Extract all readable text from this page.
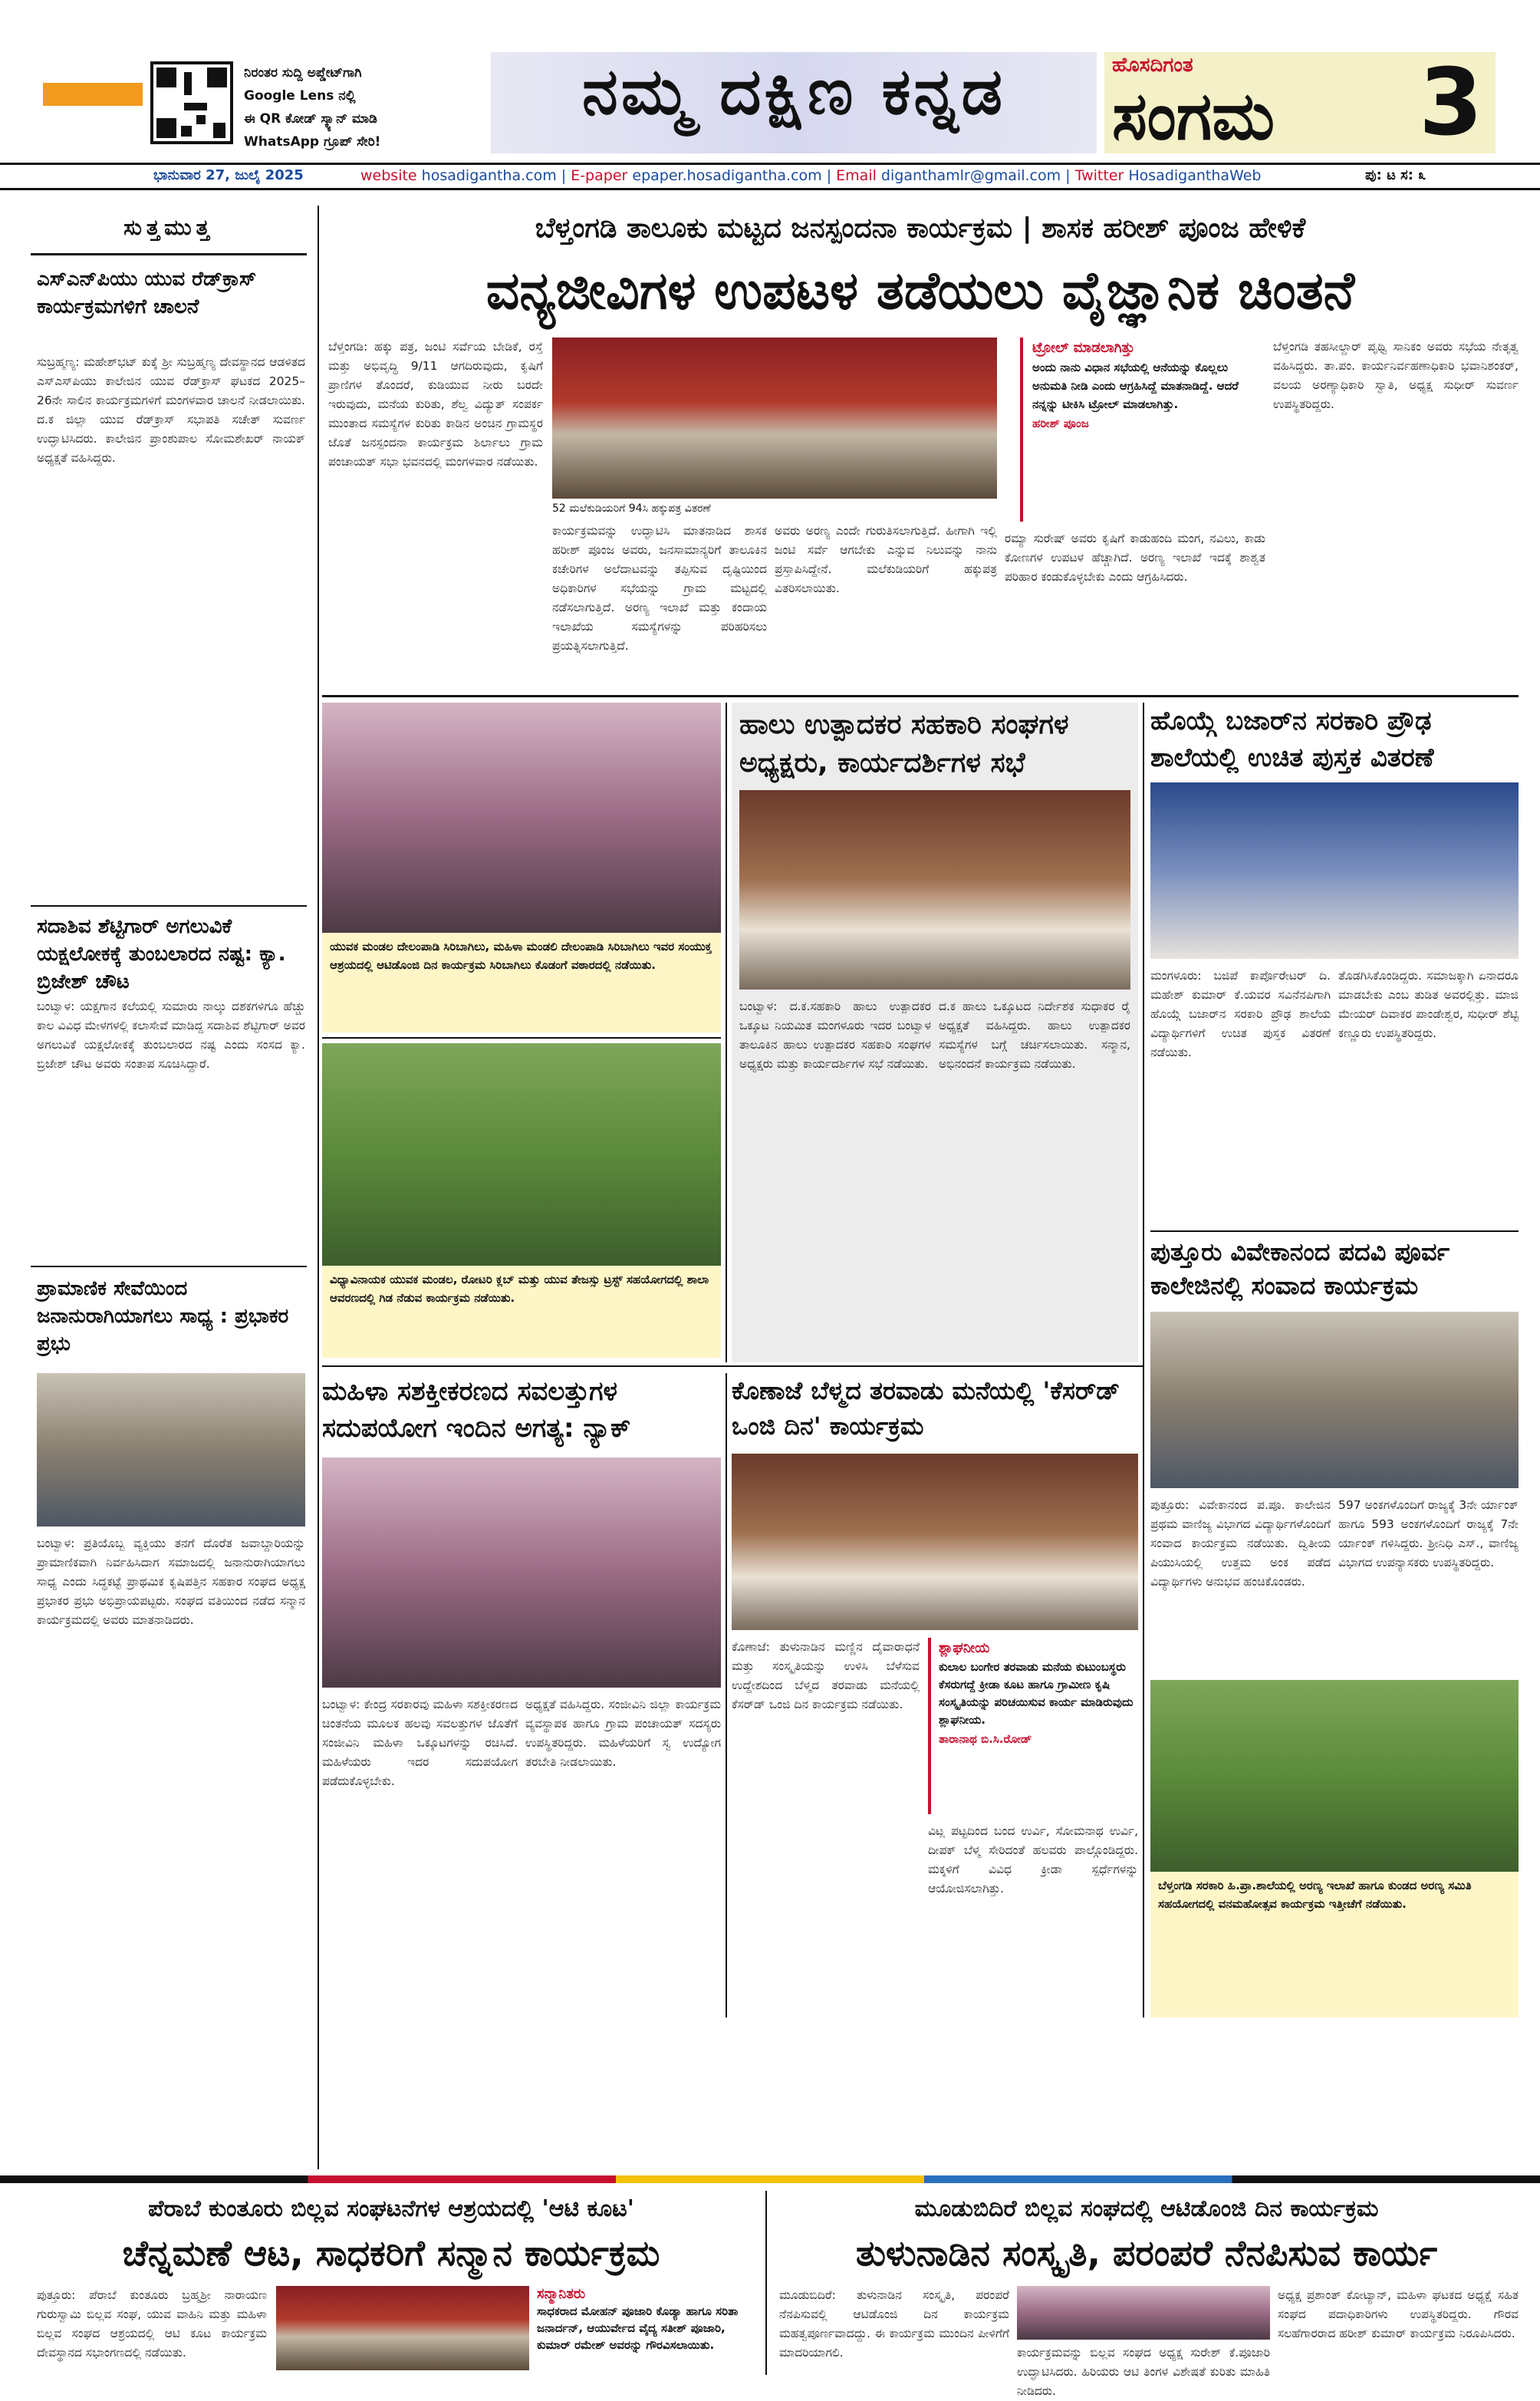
ನಿರಂತರ ಸುದ್ದಿ ಅಪ್ಡೇಟ್‌ಗಾಗಿ
Google Lens ನಲ್ಲಿ
ಈ QR ಕೋಡ್ ಸ್ಕ್ಯಾನ್ ಮಾಡಿ
WhatsApp ಗ್ರೂಪ್ ಸೇರಿ!
ನಮ್ಮ ದಕ್ಷಿಣ ಕನ್ನಡ	ಹೊಸದಿಗಂತ
ಸಂಗಮ 3
ಭಾನುವಾರ 27, ಜುಲೈ 2025	website hosadigantha.com | E-paper epaper.hosadigantha.com | Email diganthamlr@gmail.com | Twitter HosadiganthaWeb	ಪು: ಟ ಸ: ೩
ಸುತ್ತಮುತ್ತ
ಎಸ್‌ಎನ್‌ಪಿಯು ಯುವ ರೆಡ್‌ಕ್ರಾಸ್ ಕಾರ್ಯಕ್ರಮಗಳಿಗೆ ಚಾಲನೆ
ಸುಬ್ರಹ್ಮಣ್ಯ: ಮಹೇಶ್‌ಭಟ್ ಕುಕ್ಕೆ ಶ್ರೀ ಸುಬ್ರಹ್ಮಣ್ಯ ದೇವಸ್ಥಾನದ ಆಡಳಿತದ ಎಸ್‌ಎಸ್‌ಪಿಯು ಕಾಲೇಜಿನ ಯುವ ರೆಡ್‌ಕ್ರಾಸ್ ಘಟಕದ 2025–26ನೇ ಸಾಲಿನ ಕಾರ್ಯಕ್ರಮಗಳಿಗೆ ಮಂಗಳವಾರ ಚಾಲನೆ ನೀಡಲಾಯಿತು. ದ.ಕ ಜಿಲ್ಲಾ ಯುವ ರೆಡ್‌ಕ್ರಾಸ್ ಸಭಾಪತಿ ಸಚೇತ್ ಸುವರ್ಣ ಉದ್ಘಾಟಿಸಿದರು. ಕಾಲೇಜಿನ ಪ್ರಾಂಶುಪಾಲ ಸೋಮಶೇಖರ್ ನಾಯಕ್ ಅಧ್ಯಕ್ಷತೆ ವಹಿಸಿದ್ದರು.
ಸದಾಶಿವ ಶೆಟ್ಟಿಗಾರ್ ಅಗಲುವಿಕೆ ಯಕ್ಷಲೋಕಕ್ಕೆ ತುಂಬಲಾರದ ನಷ್ಟ: ಕ್ಯಾ. ಬ್ರಿಜೇಶ್ ಚೌಟ
ಬಂಟ್ವಾಳ: ಯಕ್ಷಗಾನ ಕಲೆಯಲ್ಲಿ ಸುಮಾರು ನಾಲ್ಕು ದಶಕಗಳಿಗೂ ಹೆಚ್ಚು ಕಾಲ ವಿವಿಧ ಮೇಳಗಳಲ್ಲಿ ಕಲಾಸೇವೆ ಮಾಡಿದ್ದ ಸದಾಶಿವ ಶೆಟ್ಟಿಗಾರ್ ಅವರ ಅಗಲುವಿಕೆ ಯಕ್ಷಲೋಕಕ್ಕೆ ತುಂಬಲಾರದ ನಷ್ಟ ಎಂದು ಸಂಸದ ಕ್ಯಾ. ಬ್ರಿಜೇಶ್ ಚೌಟ ಅವರು ಸಂತಾಪ ಸೂಚಿಸಿದ್ದಾರೆ.
ಪ್ರಾಮಾಣಿಕ ಸೇವೆಯಿಂದ ಜನಾನುರಾಗಿಯಾಗಲು ಸಾಧ್ಯ : ಪ್ರಭಾಕರ ಪ್ರಭು
ಬಂಟ್ವಾಳ: ಪ್ರತಿಯೊಬ್ಬ ವ್ಯಕ್ತಿಯು ತನಗೆ ದೊರೆತ ಜವಾಬ್ದಾರಿಯನ್ನು ಪ್ರಾಮಾಣಿಕವಾಗಿ ನಿರ್ವಹಿಸಿದಾಗ ಸಮಾಜದಲ್ಲಿ ಜನಾನುರಾಗಿಯಾಗಲು ಸಾಧ್ಯ ಎಂದು ಸಿದ್ಧಕಟ್ಟೆ ಪ್ರಾಥಮಿಕ ಕೃಷಿಪತ್ತಿನ ಸಹಕಾರ ಸಂಘದ ಅಧ್ಯಕ್ಷ ಪ್ರಭಾಕರ ಪ್ರಭು ಅಭಿಪ್ರಾಯಪಟ್ಟರು. ಸಂಘದ ವತಿಯಿಂದ ನಡೆದ ಸನ್ಮಾನ ಕಾರ್ಯಕ್ರಮದಲ್ಲಿ ಅವರು ಮಾತನಾಡಿದರು.
ಬೆಳ್ತಂಗಡಿ ತಾಲೂಕು ಮಟ್ಟದ ಜನಸ್ಪಂದನಾ ಕಾರ್ಯಕ್ರಮ | ಶಾಸಕ ಹರೀಶ್ ಪೂಂಜ ಹೇಳಿಕೆ
ವನ್ಯಜೀವಿಗಳ ಉಪಟಳ ತಡೆಯಲು ವೈಜ್ಞಾನಿಕ ಚಿಂತನೆ
ಬೆಳ್ತಂಗಡಿ: ಹಕ್ಕು ಪತ್ರ, ಜಂಟಿ ಸರ್ವೆಯ ಬೇಡಿಕೆ, ರಸ್ತೆ ಮತ್ತು ಅಭಿವೃದ್ಧಿ 9/11 ಆಗದಿರುವುದು, ಕೃಷಿಗೆ ಪ್ರಾಣಿಗಳ ತೊಂದರೆ, ಕುಡಿಯುವ ನೀರು ಬರದೇ ಇರುವುದು, ಮನೆಯ ಕುರಿತು, ಶೆಲ್ವ ವಿದ್ಯುತ್ ಸಂಪರ್ಕ ಮುಂತಾದ ಸಮಸ್ಯೆಗಳ ಕುರಿತು ಕಾಡಿನ ಅಂಚಿನ ಗ್ರಾಮಸ್ಥರ ಜೊತೆ ಜನಸ್ಪಂದನಾ ಕಾರ್ಯಕ್ರಮ ಶಿರ್ಲಾಲು ಗ್ರಾಮ ಪಂಚಾಯತ್ ಸಭಾ ಭವನದಲ್ಲಿ ಮಂಗಳವಾರ ನಡೆಯಿತು.
52 ಮಲೆಕುಡಿಯರಿಗೆ 94ಸಿ ಹಕ್ಕುಪತ್ರ ವಿತರಣೆ
ಕಾರ್ಯಕ್ರಮವನ್ನು ಉದ್ಘಾಟಿಸಿ ಮಾತನಾಡಿದ ಶಾಸಕ ಹರೀಶ್ ಪೂಂಜ ಅವರು, ಜನಸಾಮಾನ್ಯರಿಗೆ ತಾಲೂಕಿನ ಕಚೇರಿಗಳ ಅಲೆದಾಟವನ್ನು ತಪ್ಪಿಸುವ ದೃಷ್ಟಿಯಿಂದ ಅಧಿಕಾರಿಗಳ ಸಭೆಯನ್ನು ಗ್ರಾಮ ಮಟ್ಟದಲ್ಲಿ ನಡೆಸಲಾಗುತ್ತಿದೆ. ಅರಣ್ಯ ಇಲಾಖೆ ಮತ್ತು ಕಂದಾಯ ಇಲಾಖೆಯ ಸಮಸ್ಯೆಗಳನ್ನು ಪರಿಹರಿಸಲು ಪ್ರಯತ್ನಿಸಲಾಗುತ್ತಿದೆ.
ಅವರು ಅರಣ್ಯ ಎಂದೇ ಗುರುತಿಸಲಾಗುತ್ತಿದೆ. ಹೀಗಾಗಿ ಇಲ್ಲಿ ಜಂಟಿ ಸರ್ವೆ ಆಗಬೇಕು ಎನ್ನುವ ನಿಲುವನ್ನು ನಾನು ಪ್ರಸ್ತಾಪಿಸಿದ್ದೇನೆ. ಮಲೆಕುಡಿಯರಿಗೆ ಹಕ್ಕುಪತ್ರ ವಿತರಿಸಲಾಯಿತು.
ರಮ್ಯಾ ಸುರೇಷ್ ಅವರು ಕೃಷಿಗೆ ಕಾಡುಹಂದಿ ಮಂಗ, ನವಿಲು, ಕಾಡು ಕೋಣಗಳ ಉಪಟಳ ಹೆಚ್ಚಾಗಿದೆ. ಅರಣ್ಯ ಇಲಾಖೆ ಇದಕ್ಕೆ ಶಾಶ್ವತ ಪರಿಹಾರ ಕಂಡುಕೊಳ್ಳಬೇಕು ಎಂದು ಆಗ್ರಹಿಸಿದರು.
ಟ್ರೋಲ್ ಮಾಡಲಾಗಿತ್ತು
ಅಂದು ನಾನು ವಿಧಾನ ಸಭೆಯಲ್ಲಿ ಆನೆಯನ್ನು ಕೊಲ್ಲಲು ಅನುಮತಿ ನೀಡಿ ಎಂದು ಆಗ್ರಹಿಸಿದ್ದೆ ಮಾತನಾಡಿದ್ದೆ. ಆದರೆ ನನ್ನನ್ನು ಟೀಕಿಸಿ ಟ್ರೋಲ್ ಮಾಡಲಾಗಿತ್ತು.
ಹರೀಶ್ ಪೂಂಜ
ಬೆಳ್ತಂಗಡಿ ತಹಸೀಲ್ದಾರ್ ಪೃಥ್ವಿ ಸಾನಿಕಂ ಅವರು ಸಭೆಯ ನೇತೃತ್ವ ವಹಿಸಿದ್ದರು. ತಾ.ಪಂ. ಕಾರ್ಯನಿರ್ವಹಣಾಧಿಕಾರಿ ಭವಾನಿಶಂಕರ್, ವಲಯ ಅರಣ್ಯಾಧಿಕಾರಿ ಸ್ವಾತಿ, ಅಧ್ಯಕ್ಷ ಸುಧೀರ್ ಸುವರ್ಣ ಉಪಸ್ಥಿತರಿದ್ದರು.
ಯುವಕ ಮಂಡಲ ದೇಲಂಪಾಡಿ ಸಿರಿಬಾಗಿಲು, ಮಹಿಳಾ ಮಂಡಲಿ ದೇಲಂಪಾಡಿ ಸಿರಿಬಾಗಿಲು ಇವರ ಸಂಯುಕ್ತ ಆಶ್ರಯದಲ್ಲಿ ಆಟಿಡೊಂಜಿ ದಿನ ಕಾರ್ಯಕ್ರಮ ಸಿರಿಬಾಗಿಲು ಕೊಡಂಗೆ ವಠಾರದಲ್ಲಿ ನಡೆಯಿತು.
ವಿಧ್ಯಾವಿನಾಯಕ ಯುವಕ ಮಂಡಲ, ರೋಟರಿ ಕ್ಲಬ್ ಮತ್ತು ಯುವ ತೇಜಸ್ಸು ಟ್ರಸ್ಟ್ ಸಹಯೋಗದಲ್ಲಿ ಶಾಲಾ ಆವರಣದಲ್ಲಿ ಗಿಡ ನೆಡುವ ಕಾರ್ಯಕ್ರಮ ನಡೆಯಿತು.
ಹಾಲು ಉತ್ಪಾದಕರ ಸಹಕಾರಿ ಸಂಘಗಳ ಅಧ್ಯಕ್ಷರು, ಕಾರ್ಯದರ್ಶಿಗಳ ಸಭೆ
ಬಂಟ್ವಾಳ: ದ.ಕ.ಸಹಕಾರಿ ಹಾಲು ಉತ್ಪಾದಕರ ಒಕ್ಕೂಟ ನಿಯಮಿತ ಮಂಗಳೂರು ಇದರ ಬಂಟ್ವಾಳ ತಾಲೂಕಿನ ಹಾಲು ಉತ್ಪಾದಕರ ಸಹಕಾರಿ ಸಂಘಗಳ ಅಧ್ಯಕ್ಷರು ಮತ್ತು ಕಾರ್ಯದರ್ಶಿಗಳ ಸಭೆ ನಡೆಯಿತು.
ದ.ಕ ಹಾಲು ಒಕ್ಕೂಟದ ನಿರ್ದೇಶಕ ಸುಧಾಕರ ರೈ ಅಧ್ಯಕ್ಷತೆ ವಹಿಸಿದ್ದರು. ಹಾಲು ಉತ್ಪಾದಕರ ಸಮಸ್ಯೆಗಳ ಬಗ್ಗೆ ಚರ್ಚಿಸಲಾಯಿತು. ಸನ್ಮಾನ, ಅಭಿನಂದನೆ ಕಾರ್ಯಕ್ರಮ ನಡೆಯಿತು.
ಹೊಯ್ಗೆ ಬಜಾರ್‌ನ ಸರಕಾರಿ ಪ್ರೌಢ ಶಾಲೆಯಲ್ಲಿ ಉಚಿತ ಪುಸ್ತಕ ವಿತರಣೆ
ಮಂಗಳೂರು: ಬಜಿಪೆ ಕಾರ್ಪೊರೇಟರ್ ದಿ. ಮಹೇಶ್ ಕುಮಾರ್ ಕೆ.ಯವರ ಸವಿನೆನಪಿಗಾಗಿ ಹೊಯ್ಗೆ ಬಜಾರ್‌ನ ಸರಕಾರಿ ಪ್ರೌಢ ಶಾಲೆಯ ವಿದ್ಯಾರ್ಥಿಗಳಿಗೆ ಉಚಿತ ಪುಸ್ತಕ ವಿತರಣೆ ನಡೆಯಿತು.
ತೊಡಗಿಸಿಕೊಂಡಿದ್ದರು. ಸಮಾಜಕ್ಕಾಗಿ ಏನಾದರೂ ಮಾಡಬೇಕು ಎಂಬ ತುಡಿತ ಅವರಲ್ಲಿತ್ತು. ಮಾಜಿ ಮೇಯರ್ ದಿವಾಕರ ಪಾಂಡೇಶ್ವರ, ಸುಧೀರ್ ಶೆಟ್ಟಿ ಕಣ್ಣೂರು ಉಪಸ್ಥಿತರಿದ್ದರು.
ಪುತ್ತೂರು ವಿವೇಕಾನಂದ ಪದವಿ ಪೂರ್ವ ಕಾಲೇಜಿನಲ್ಲಿ ಸಂವಾದ ಕಾರ್ಯಕ್ರಮ
ಪುತ್ತೂರು: ವಿವೇಕಾನಂದ ಪ.ಪೂ. ಕಾಲೇಜಿನ ಪ್ರಥಮ ವಾಣಿಜ್ಯ ವಿಭಾಗದ ವಿದ್ಯಾರ್ಥಿಗಳೊಂದಿಗೆ ಸಂವಾದ ಕಾರ್ಯಕ್ರಮ ನಡೆಯಿತು. ದ್ವಿತೀಯ ಪಿಯುಸಿಯಲ್ಲಿ ಉತ್ತಮ ಅಂಕ ಪಡೆದ ವಿದ್ಯಾರ್ಥಿಗಳು ಅನುಭವ ಹಂಚಿಕೊಂಡರು.
597 ಅಂಕಗಳೊಂದಿಗೆ ರಾಜ್ಯಕ್ಕೆ 3ನೇ ರ್ಯಾಂಕ್ ಹಾಗೂ 593 ಅಂಕಗಳೊಂದಿಗೆ ರಾಜ್ಯಕ್ಕೆ 7ನೇ ರ್ಯಾಂಕ್ ಗಳಿಸಿದ್ದರು. ಶ್ರೀನಿಧಿ ಎಸ್., ವಾಣಿಜ್ಯ ವಿಭಾಗದ ಉಪನ್ಯಾಸಕರು ಉಪಸ್ಥಿತರಿದ್ದರು.
ಬೆಳ್ತಂಗಡಿ ಸರಕಾರಿ ಹಿ.ಪ್ರಾ.ಶಾಲೆಯಲ್ಲಿ ಅರಣ್ಯ ಇಲಾಖೆ ಹಾಗೂ ಕುಂಡದ ಅರಣ್ಯ ಸಮಿತಿ ಸಹಯೋಗದಲ್ಲಿ ವನಮಹೋತ್ಸವ ಕಾರ್ಯಕ್ರಮ ಇತ್ತೀಚೆಗೆ ನಡೆಯಿತು.
ಮಹಿಳಾ ಸಶಕ್ತೀಕರಣದ ಸವಲತ್ತುಗಳ ಸದುಪಯೋಗ ಇಂದಿನ ಅಗತ್ಯ: ನ್ಯಾಕ್
ಬಂಟ್ವಾಳ: ಕೇಂದ್ರ ಸರಕಾರವು ಮಹಿಳಾ ಸಶಕ್ತೀಕರಣದ ಚಿಂತನೆಯ ಮೂಲಕ ಹಲವು ಸವಲತ್ತುಗಳ ಜೊತೆಗೆ ಸಂಜೀವಿನಿ ಮಹಿಳಾ ಒಕ್ಕೂಟಗಳನ್ನು ರಚಿಸಿದೆ. ಮಹಿಳೆಯರು ಇದರ ಸದುಪಯೋಗ ಪಡೆದುಕೊಳ್ಳಬೇಕು.
ಅಧ್ಯಕ್ಷತೆ ವಹಿಸಿದ್ದರು. ಸಂಜೀವಿನಿ ಜಿಲ್ಲಾ ಕಾರ್ಯಕ್ರಮ ವ್ಯವಸ್ಥಾಪಕ ಹಾಗೂ ಗ್ರಾಮ ಪಂಚಾಯತ್ ಸದಸ್ಯರು ಉಪಸ್ಥಿತರಿದ್ದರು. ಮಹಿಳೆಯರಿಗೆ ಸ್ವ ಉದ್ಯೋಗ ತರಬೇತಿ ನೀಡಲಾಯಿತು.
ಕೊಣಾಜೆ ಬೆಳ್ಮದ ತರವಾಡು ಮನೆಯಲ್ಲಿ 'ಕೆಸರ್‌ಡ್ ಒಂಜಿ ದಿನ' ಕಾರ್ಯಕ್ರಮ
ಕೊಣಾಜೆ: ತುಳುನಾಡಿನ ಮಣ್ಣಿನ ದೈವಾರಾಧನೆ ಮತ್ತು ಸಂಸ್ಕೃತಿಯನ್ನು ಉಳಿಸಿ ಬೆಳೆಸುವ ಉದ್ದೇಶದಿಂದ ಬೆಳ್ಮದ ತರವಾಡು ಮನೆಯಲ್ಲಿ ಕೆಸರ್‌ಡ್ ಒಂಜಿ ದಿನ ಕಾರ್ಯಕ್ರಮ ನಡೆಯಿತು.
ಶ್ಲಾಘನೀಯ
ಕುಲಾಲ ಬಂಗೇರ ತರವಾಡು ಮನೆಯ ಕುಟುಂಬಸ್ಥರು ಕೆಸರುಗದ್ದೆ ಕ್ರೀಡಾ ಕೂಟ ಹಾಗೂ ಗ್ರಾಮೀಣ ಕೃಷಿ ಸಂಸ್ಕೃತಿಯನ್ನು ಪರಿಚಯಿಸುವ ಕಾರ್ಯ ಮಾಡಿರುವುದು ಶ್ಲಾಘನೀಯ.
ತಾರಾನಾಥ ಬಿ.ಸಿ.ರೋಡ್
ವಿಟ್ಲ ಪಟ್ಟದಿಂದ ಬಂದ ಉರ್ವಿ, ಸೋಮನಾಥ ಉರ್ವಿ, ದೀಪಕ್ ಬೆಳ್ಮ ಸೇರಿದಂತೆ ಹಲವರು ಪಾಲ್ಗೊಂಡಿದ್ದರು. ಮಕ್ಕಳಿಗೆ ವಿವಿಧ ಕ್ರೀಡಾ ಸ್ಪರ್ಧೆಗಳನ್ನು ಆಯೋಜಿಸಲಾಗಿತ್ತು.
ಪೆರಾಬೆ ಕುಂತೂರು ಬಿಲ್ಲವ ಸಂಘಟನೆಗಳ ಆಶ್ರಯದಲ್ಲಿ 'ಆಟಿ ಕೂಟ'
ಚೆನ್ನಮಣೆ ಆಟ, ಸಾಧಕರಿಗೆ ಸನ್ಮಾನ ಕಾರ್ಯಕ್ರಮ
ಪುತ್ತೂರು: ಪೆರಾಬೆ ಕುಂತೂರು ಬ್ರಹ್ಮಶ್ರೀ ನಾರಾಯಣ ಗುರುಸ್ವಾಮಿ ಬಿಲ್ಲವ ಸಂಘ, ಯುವ ವಾಹಿನಿ ಮತ್ತು ಮಹಿಳಾ ಬಿಲ್ಲವ ಸಂಘದ ಆಶ್ರಯದಲ್ಲಿ ಆಟಿ ಕೂಟ ಕಾರ್ಯಕ್ರಮ ದೇವಸ್ಥಾನದ ಸಭಾಂಗಣದಲ್ಲಿ ನಡೆಯಿತು.
ಸನ್ಮಾನಿತರು
ಸಾಧಕರಾದ ಮೋಹನ್ ಪೂಜಾರಿ ಕೊಡ್ಯಾ ಹಾಗೂ ಸರಿತಾ ಜನಾರ್ದನ್, ಆಯುರ್ವೇದ ವೈದ್ಯ ಸತೀಶ್ ಪೂಜಾರಿ, ಕುಮಾರ್ ರಮೇಶ್ ಅವರನ್ನು ಗೌರವಿಸಲಾಯಿತು.
ಮೂಡುಬಿದಿರೆ ಬಿಲ್ಲವ ಸಂಘದಲ್ಲಿ ಆಟಿಡೊಂಜಿ ದಿನ ಕಾರ್ಯಕ್ರಮ
ತುಳುನಾಡಿನ ಸಂಸ್ಕೃತಿ, ಪರಂಪರೆ ನೆನಪಿಸುವ ಕಾರ್ಯ
ಮೂಡುಬಿದಿರೆ: ತುಳುನಾಡಿನ ಸಂಸ್ಕೃತಿ, ಪರಂಪರೆ ನೆನಪಿಸುವಲ್ಲಿ ಆಟಿಡೊಂಜಿ ದಿನ ಕಾರ್ಯಕ್ರಮ ಮಹತ್ವಪೂರ್ಣವಾದದ್ದು. ಈ ಕಾರ್ಯಕ್ರಮ ಮುಂದಿನ ಪೀಳಿಗೆಗೆ ಮಾದರಿಯಾಗಲಿ.	ಕಾರ್ಯಕ್ರಮವನ್ನು ಬಿಲ್ಲವ ಸಂಘದ ಅಧ್ಯಕ್ಷ ಸುರೇಶ್ ಕೆ.ಪೂಜಾರಿ ಉದ್ಘಾಟಿಸಿದರು. ಹಿರಿಯರು ಆಟಿ ತಿಂಗಳ ವಿಶೇಷತೆ ಕುರಿತು ಮಾಹಿತಿ ನೀಡಿದರು.
ಅಧ್ಯಕ್ಷ ಪ್ರಶಾಂತ್ ಕೋಟ್ಯಾನ್, ಮಹಿಳಾ ಘಟಕದ ಅಧ್ಯಕ್ಷೆ ಸಹಿತ ಸಂಘದ ಪದಾಧಿಕಾರಿಗಳು ಉಪಸ್ಥಿತರಿದ್ದರು. ಗೌರವ ಸಲಹೆಗಾರರಾದ ಹರೀಶ್ ಕುಮಾರ್ ಕಾರ್ಯಕ್ರಮ ನಿರೂಪಿಸಿದರು.
